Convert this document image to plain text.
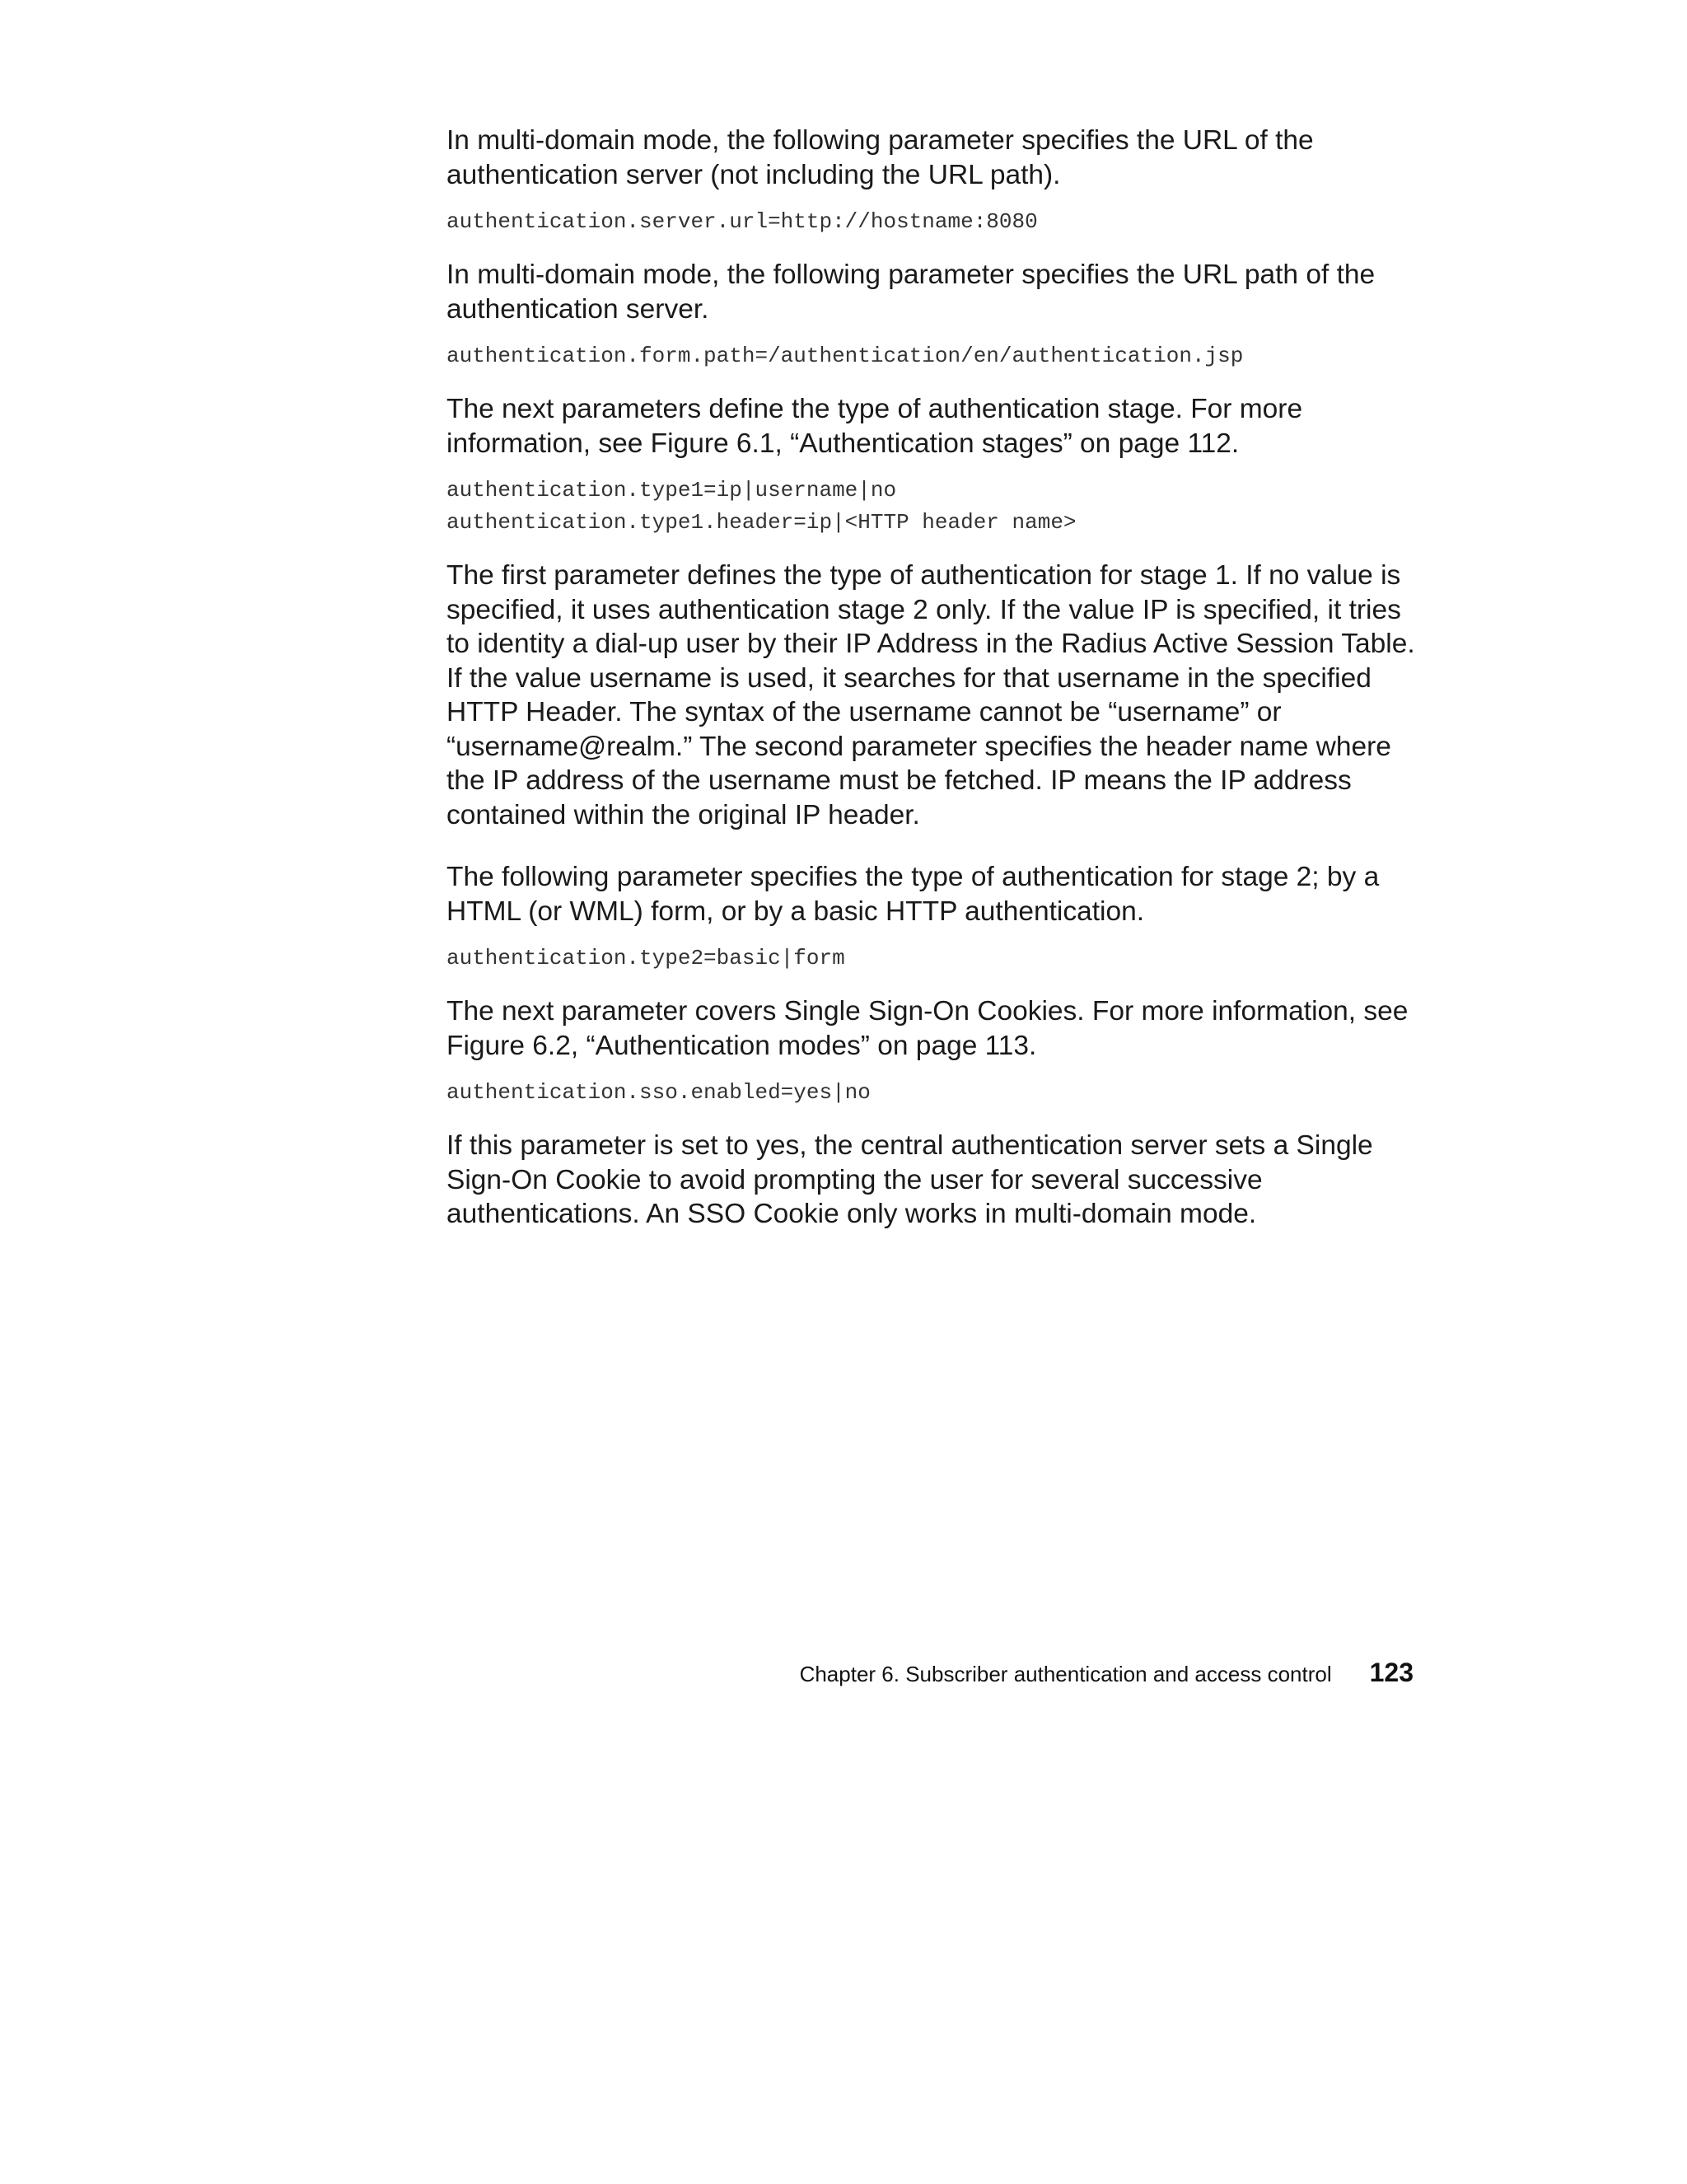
In multi-domain mode, the following parameter specifies the URL of the authentication server (not including the URL path).

authentication.server.url=http://hostname:8080

In multi-domain mode, the following parameter specifies the URL path of the authentication server.

authentication.form.path=/authentication/en/authentication.jsp

The next parameters define the type of authentication stage. For more information, see Figure 6.1, “Authentication stages” on page 112.

authentication.type1=ip|username|no

authentication.type1.header=ip|<HTTP header name>

The first parameter defines the type of authentication for stage 1. If no value is specified, it uses authentication stage 2 only. If the value IP is specified, it tries to identity a dial-up user by their IP Address in the Radius Active Session Table. If the value username is used, it searches for that username in the specified HTTP Header. The syntax of the username cannot be “username” or “username@realm.” The second parameter specifies the header name where the IP address of the username must be fetched. IP means the IP address contained within the original IP header.

The following parameter specifies the type of authentication for stage 2; by a HTML (or WML) form, or by a basic HTTP authentication.

authentication.type2=basic|form

The next parameter covers Single Sign-On Cookies. For more information, see Figure 6.2, “Authentication modes” on page 113.

authentication.sso.enabled=yes|no

If this parameter is set to yes, the central authentication server sets a Single Sign-On Cookie to avoid prompting the user for several successive authentications. An SSO Cookie only works in multi-domain mode.

Chapter 6. Subscriber authentication and access control 123
